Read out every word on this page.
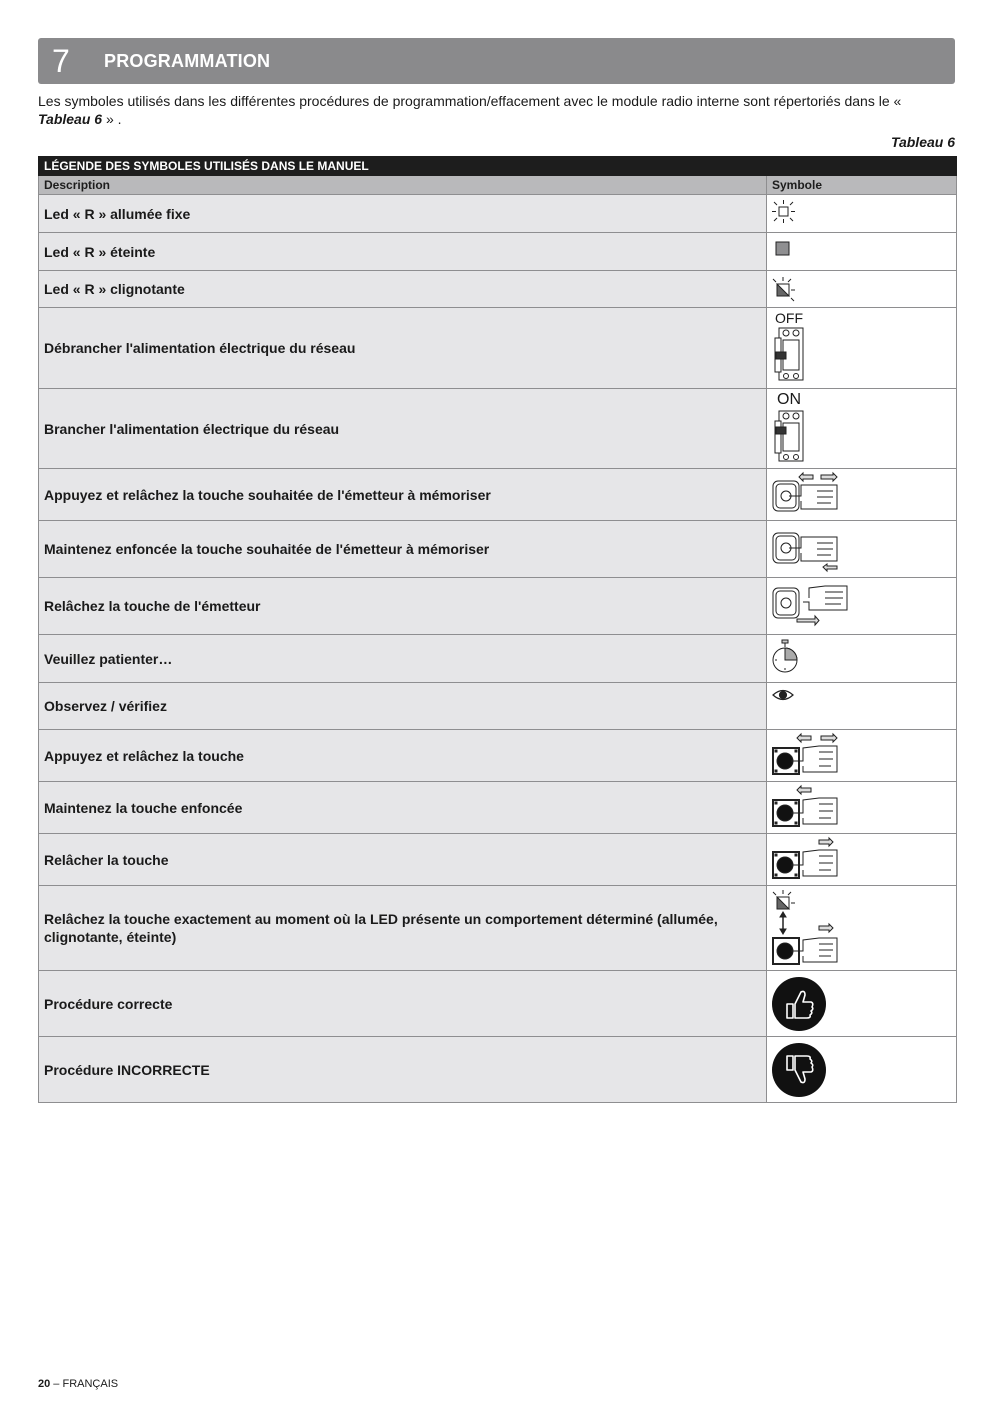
7	PROGRAMMATION
Les symboles utilisés dans les différentes procédures de programmation/effacement avec le module radio interne sont répertoriés dans le « Tableau 6 » .
Tableau 6
LÉGENDE DES SYMBOLES UTILISÉS DANS LE MANUEL	
Description	Symbole
Led « R » allumée fixe	

Led « R » éteinte	

Led « R » clignotante	

Débrancher l'alimentation électrique du réseau	OFF

Brancher l'alimentation électrique du réseau	ON

Appuyez et relâchez la touche souhaitée de l'émetteur à mémoriser	

Maintenez enfoncée la touche souhaitée de l'émetteur à mémoriser	

Relâchez la touche de l'émetteur	

Veuillez patienter…	

Observez / vérifiez	

Appuyez et relâchez la touche	

Maintenez la touche enfoncée	

Relâcher la touche	

Relâchez la touche exactement au moment où la LED présente un comportement déterminé (allumée, clignotante, éteinte)	

Procédure correcte	

Procédure INCORRECTE	
20 – FRANÇAIS
